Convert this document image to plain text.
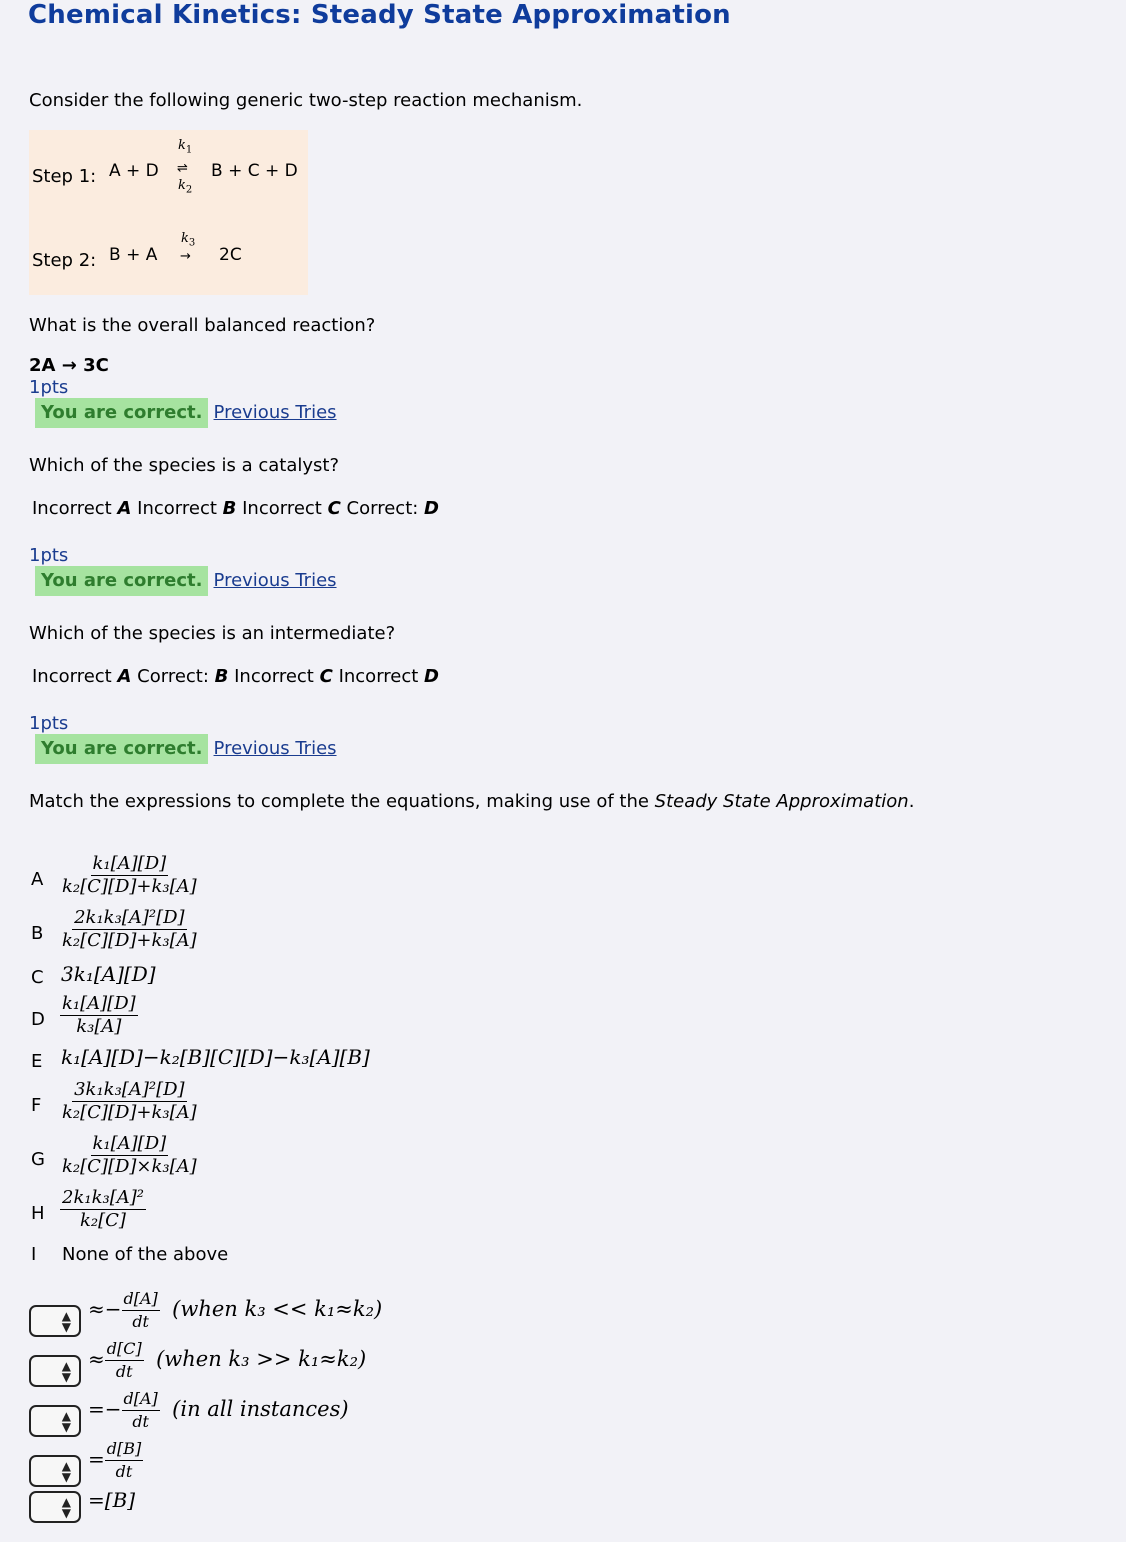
Chemical Kinetics: Steady State Approximation
Consider the following generic two-step reaction mechanism.
Step 1: A + D
$k_1$
⇌
$k_2$
B + C + D
Step 2: B + A
$k_3$
→ 2C
What is the overall balanced reaction?
2A → 3C
1pts
You are correct. Previous Tries
Which of the species is a catalyst?
Incorrect A Incorrect B Incorrect C Correct: D
1pts
You are correct. Previous Tries
Which of the species is an intermediate?
Incorrect A Correct: B Incorrect C Incorrect D
1pts
You are correct. Previous Tries
Match the expressions to complete the equations, making use of the Steady State Approximation.
A $\frac{\text{k₁[A][D]}}{\text{k₂[C][D]+k₃[A]}}$
B $\frac{\text{2k₁k₃[A]²[D]}}{\text{k₂[C][D]+k₃[A]}}$
C 3k₁[A][D]
D $\frac{\text{k₁[A][D]}}{\text{k₃[A]}}$
E k₁[A][D]−k₂[B][C][D]−k₃[A][B]
F $\frac{\text{3k₁k₃[A]²[D]}}{\text{k₂[C][D]+k₃[A]}}$
G $\frac{\text{k₁[A][D]}}{\text{k₂[C][D]×k₃[A]}}$
H $\frac{\text{2k₁k₃[A]²}}{\text{k₂[C]}}$
I None of the above
▲
▼
≈− $\frac{d[A]}{dt}$ (when k₃ << k₁≈k₂)
▲
▼
≈ $\frac{d[C]}{dt}$ (when k₃ >> k₁≈k₂)
▲
▼
=− $\frac{d[A]}{dt} (in$ all instances)
▲
▼
= $\frac{d[B]}{dt}$
▲
▼
=[B]
